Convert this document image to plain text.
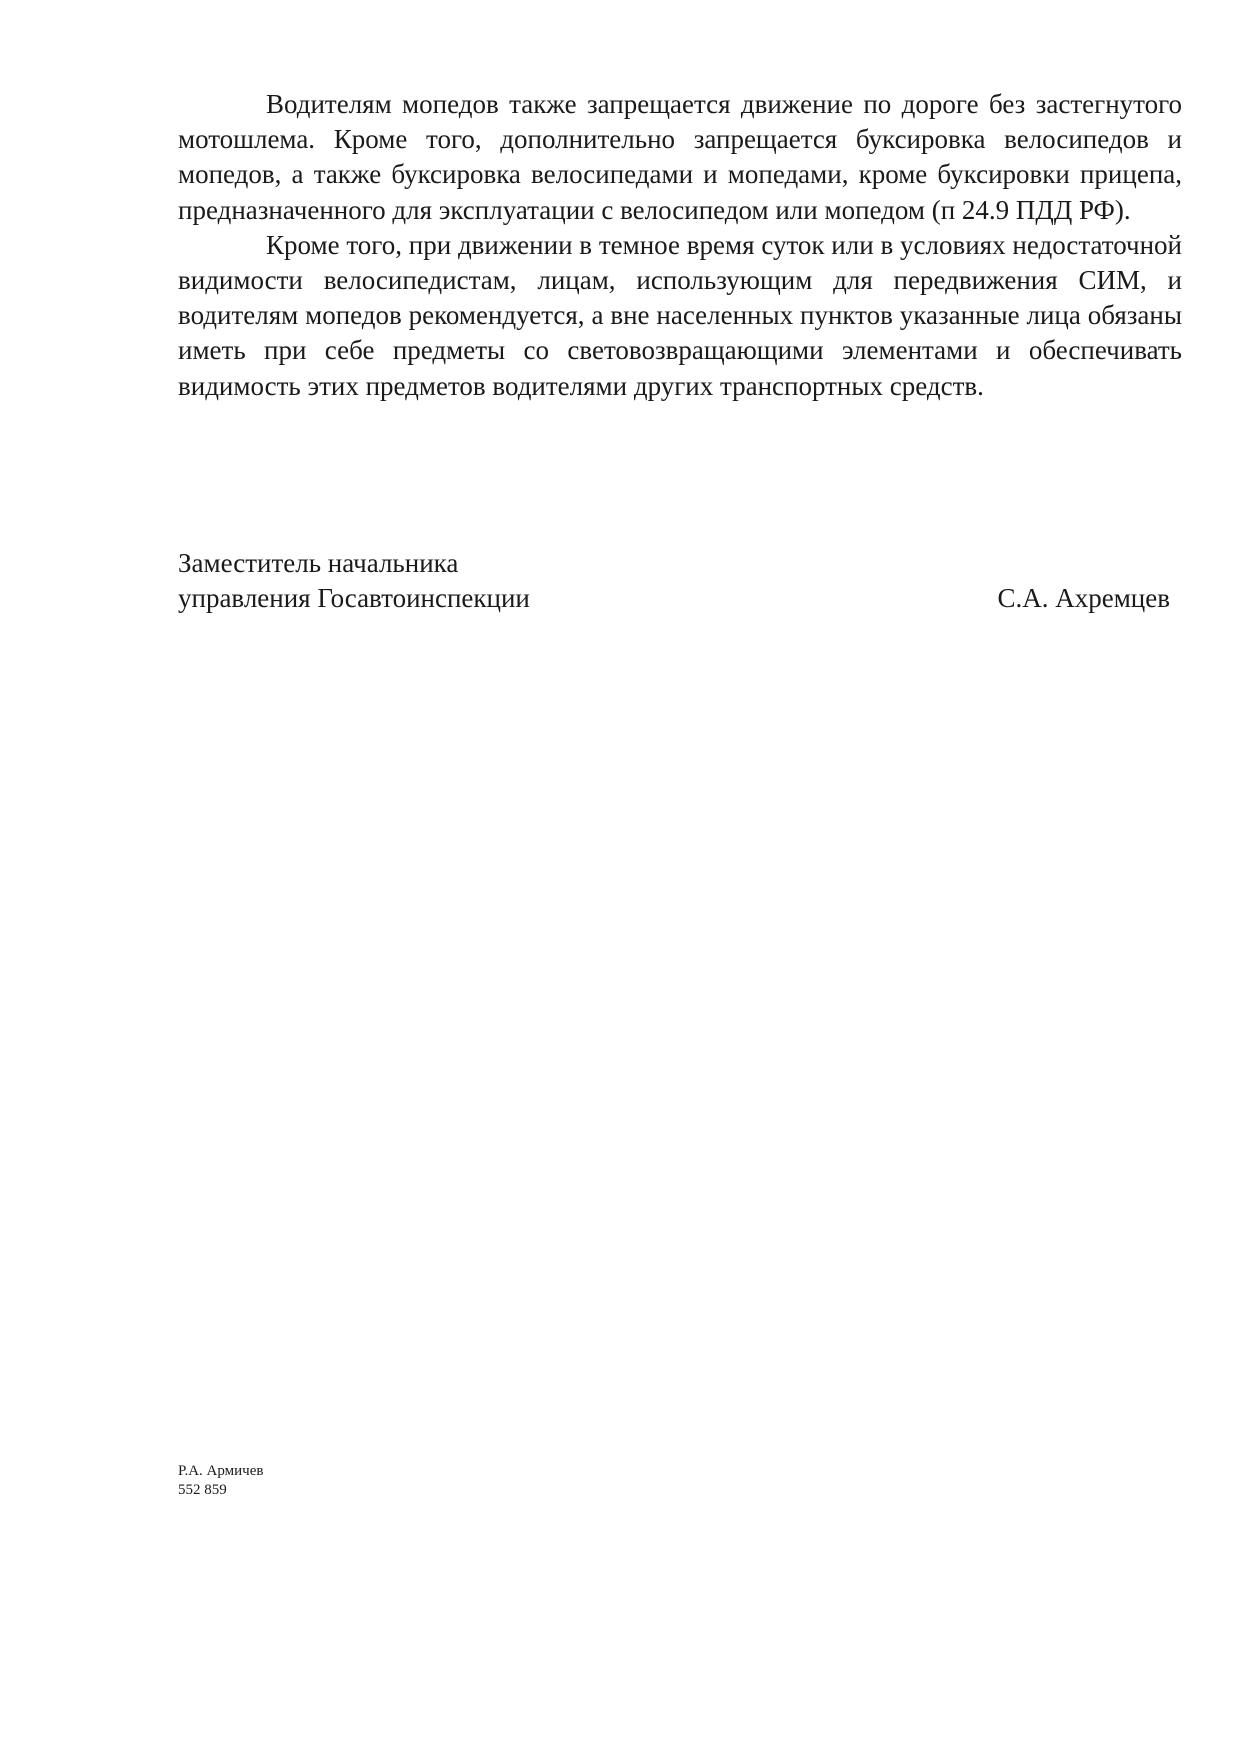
Водителям мопедов также запрещается движение по дороге без застегнутого мотошлема. Кроме того, дополнительно запрещается буксировка велосипедов и мопедов, а также буксировка велосипедами и мопедами, кроме буксировки прицепа, предназначенного для эксплуатации с велосипедом или мопедом (п 24.9 ПДД РФ).

Кроме того, при движении в темное время суток или в условиях недостаточной видимости велосипедистам, лицам, использующим для передвижения СИМ, и водителям мопедов рекомендуется, а вне населенных пунктов указанные лица обязаны иметь при себе предметы со световозвращающими элементами и обеспечивать видимость этих предметов водителями других транспортных средств.

Заместитель начальника
управления Госавтоинспекции	С.А. Ахремцев
Р.А. Армичев
552 859
